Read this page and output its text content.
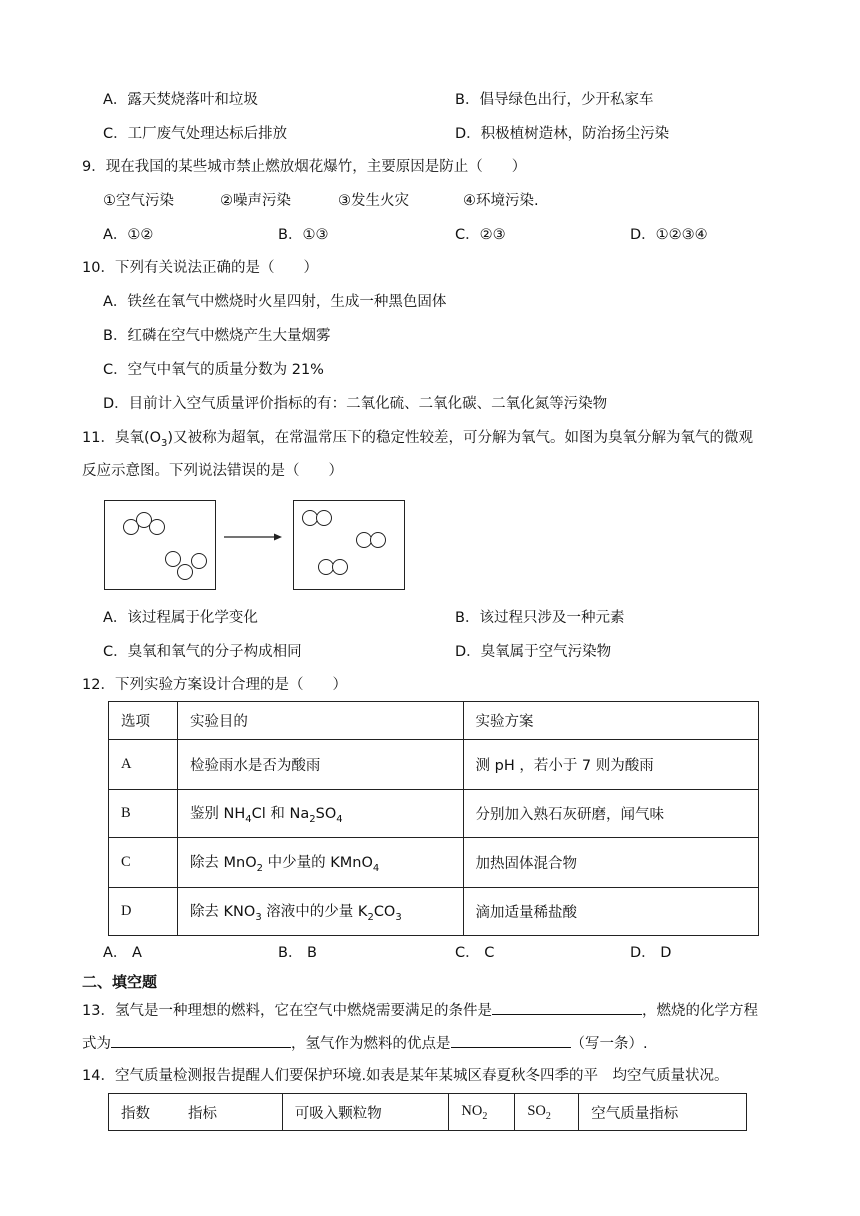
A．露天焚烧落叶和垃圾	B．倡导绿色出行，少开私家车
C．工厂废气处理达标后排放	D．积极植树造林，防治扬尘污染
9．现在我国的某些城市禁止燃放烟花爆竹，主要原因是防止（　　）
①空气污染	②噪声污染	③发生火灾	④环境污染.
A．①②	B．①③	C．②③	D．①②③④
10．下列有关说法正确的是（　　）
A．铁丝在氧气中燃烧时火星四射，生成一种黑色固体
B．红磷在空气中燃烧产生大量烟雾
C．空气中氧气的质量分数为 21%
D．目前计入空气质量评价指标的有：二氧化硫、二氧化碳、二氧化氮等污染物
11．臭氧$(O_3)$又被称为超氧，在常温常压下的稳定性较差，可分解为氧气。如图为臭氧分解为氧气的微观
反应示意图。下列说法错误的是（　　）
A．该过程属于化学变化	B．该过程只涉及一种元素
C．臭氧和氧气的分子构成相同	D．臭氧属于空气污染物
12．下列实验方案设计合理的是（　　）
选项	实验目的	实验方案
A	检验雨水是否为酸雨	测 pH ，若小于 7 则为酸雨
B	鉴别 $NH_4Cl$ 和 $Na_2SO_4$	分别加入熟石灰研磨，闻气味
C	除去 MnO$_2$ 中少量的 KMnO$_4$	加热固体混合物
D	除去 $KNO_3$ 溶液中的少量 $K_2CO_3$	滴加适量稀盐酸
A． A	B． B	C． C	D． D
二、填空题
13．氢气是一种理想的燃料，它在空气中燃烧需要满足的条件是	，燃烧的化学方程
式为	，氢气作为燃料的优点是	（写一条）.
14．空气质量检测报告提醒人们要保护环境.如表是某年某城区春夏秋冬四季的平　均空气质量状况。
指数	指标	可吸入颗粒物	$NO_2$	$SO_2$	空气质量指标
